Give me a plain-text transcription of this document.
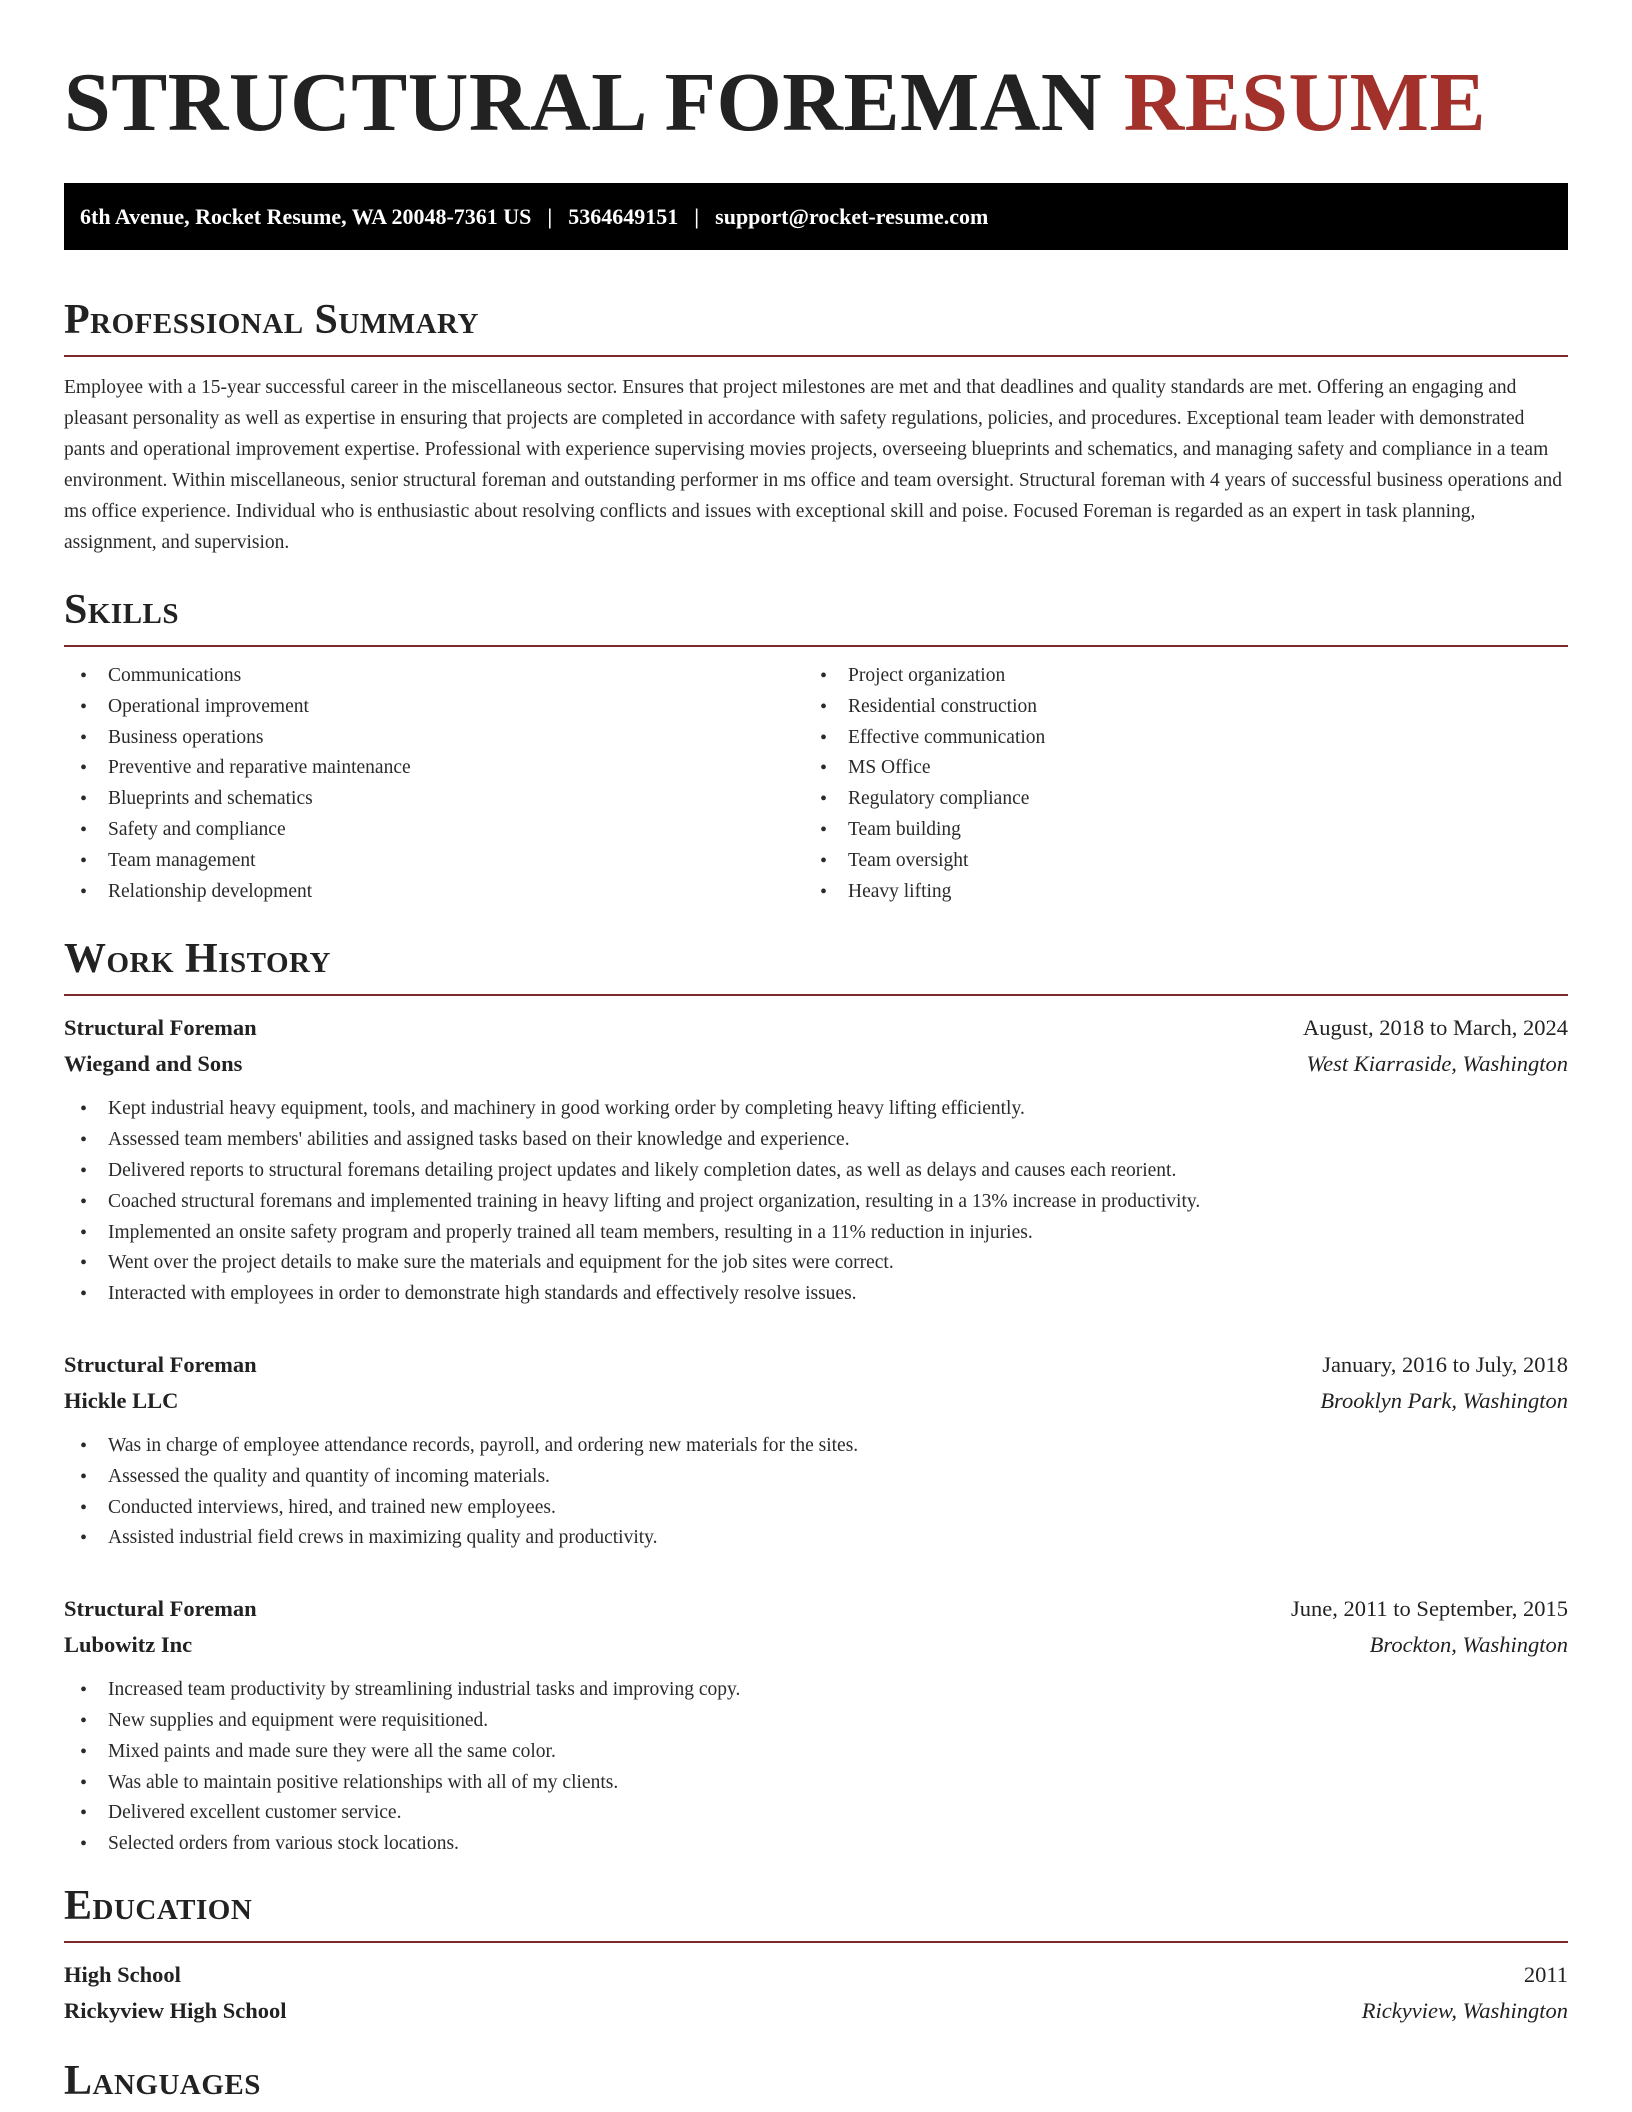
STRUCTURAL FOREMAN RESUME
6th Avenue, Rocket Resume, WA 20048-7361 US | 5364649151 | support@rocket-resume.com
Professional Summary

Employee with a 15-year successful career in the miscellaneous sector. Ensures that project milestones are met and that deadlines and quality standards are met. Offering an engaging and pleasant personality as well as expertise in ensuring that projects are completed in accordance with safety regulations, policies, and procedures. Exceptional team leader with demonstrated pants and operational improvement expertise. Professional with experience supervising movies projects, overseeing blueprints and schematics, and managing safety and compliance in a team environment. Within miscellaneous, senior structural foreman and outstanding performer in ms office and team oversight. Structural foreman with 4 years of successful business operations and ms office experience. Individual who is enthusiastic about resolving conflicts and issues with exceptional skill and poise. Focused Foreman is regarded as an expert in task planning, assignment, and supervision.

Skills
• Communications
• Operational improvement
• Business operations
• Preventive and reparative maintenance
• Blueprints and schematics
• Safety and compliance
• Team management
• Relationship development
• Project organization
• Residential construction
• Effective communication
• MS Office
• Regulatory compliance
• Team building
• Team oversight
• Heavy lifting
Work History
Structural Foreman	August, 2018 to March, 2024
Wiegand and Sons	West Kiarraside, Washington
• Kept industrial heavy equipment, tools, and machinery in good working order by completing heavy lifting efficiently.
• Assessed team members' abilities and assigned tasks based on their knowledge and experience.
• Delivered reports to structural foremans detailing project updates and likely completion dates, as well as delays and causes each reorient.
• Coached structural foremans and implemented training in heavy lifting and project organization, resulting in a 13% increase in productivity.
• Implemented an onsite safety program and properly trained all team members, resulting in a 11% reduction in injuries.
• Went over the project details to make sure the materials and equipment for the job sites were correct.
• Interacted with employees in order to demonstrate high standards and effectively resolve issues.
Structural Foreman	January, 2016 to July, 2018
Hickle LLC	Brooklyn Park, Washington
• Was in charge of employee attendance records, payroll, and ordering new materials for the sites.
• Assessed the quality and quantity of incoming materials.
• Conducted interviews, hired, and trained new employees.
• Assisted industrial field crews in maximizing quality and productivity.
Structural Foreman	June, 2011 to September, 2015
Lubowitz Inc	Brockton, Washington
• Increased team productivity by streamlining industrial tasks and improving copy.
• New supplies and equipment were requisitioned.
• Mixed paints and made sure they were all the same color.
• Was able to maintain positive relationships with all of my clients.
• Delivered excellent customer service.
• Selected orders from various stock locations.
Education
High School	2011
Rickyview High School	Rickyview, Washington
Languages
